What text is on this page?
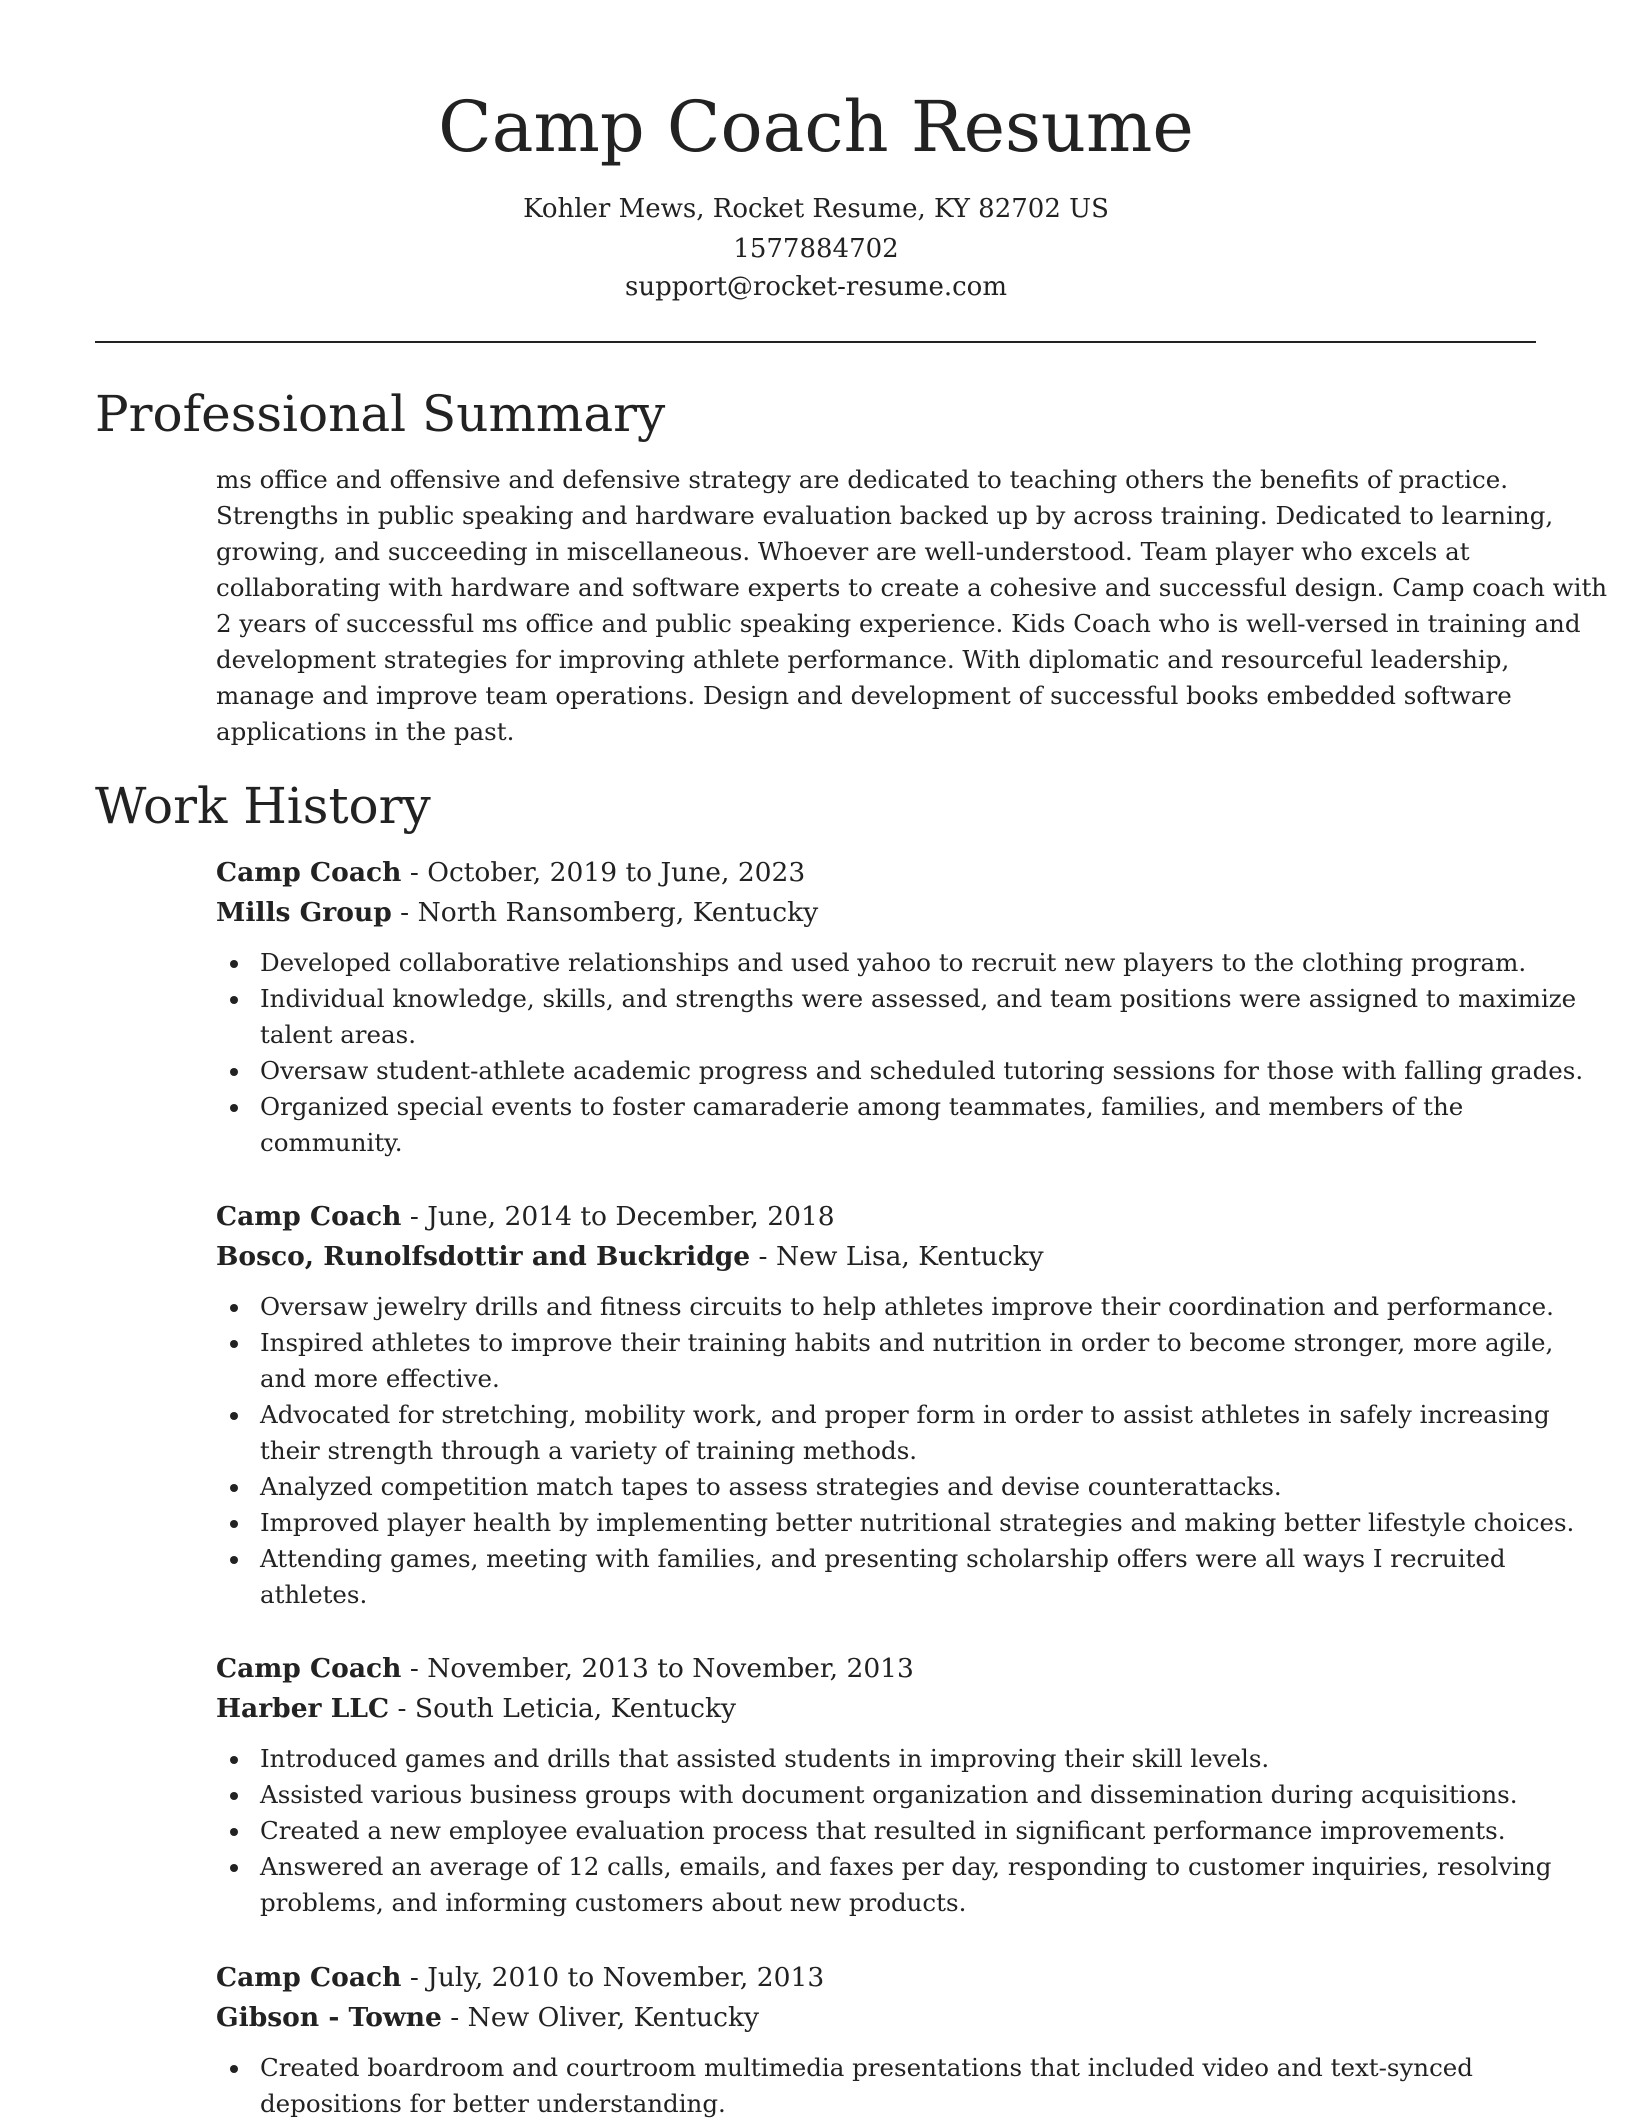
Camp Coach Resume
Kohler Mews, Rocket Resume, KY 82702 US
1577884702
support@rocket-resume.com
Professional Summary
ms office and offensive and defensive strategy are dedicated to teaching others the benefits of practice.
Strengths in public speaking and hardware evaluation backed up by across training. Dedicated to learning,
growing, and succeeding in miscellaneous. Whoever are well-understood. Team player who excels at
collaborating with hardware and software experts to create a cohesive and successful design. Camp coach with
2 years of successful ms office and public speaking experience. Kids Coach who is well-versed in training and
development strategies for improving athlete performance. With diplomatic and resourceful leadership,
manage and improve team operations. Design and development of successful books embedded software
applications in the past.
Work History
Camp Coach - October, 2019 to June, 2023
Mills Group - North Ransomberg, Kentucky
Developed collaborative relationships and used yahoo to recruit new players to the clothing program.
Individual knowledge, skills, and strengths were assessed, and team positions were assigned to maximize
talent areas.
Oversaw student-athlete academic progress and scheduled tutoring sessions for those with falling grades.
Organized special events to foster camaraderie among teammates, families, and members of the
community.
Camp Coach - June, 2014 to December, 2018
Bosco, Runolfsdottir and Buckridge - New Lisa, Kentucky
Oversaw jewelry drills and fitness circuits to help athletes improve their coordination and performance.
Inspired athletes to improve their training habits and nutrition in order to become stronger, more agile,
and more effective.
Advocated for stretching, mobility work, and proper form in order to assist athletes in safely increasing
their strength through a variety of training methods.
Analyzed competition match tapes to assess strategies and devise counterattacks.
Improved player health by implementing better nutritional strategies and making better lifestyle choices.
Attending games, meeting with families, and presenting scholarship offers were all ways I recruited
athletes.
Camp Coach - November, 2013 to November, 2013
Harber LLC - South Leticia, Kentucky
Introduced games and drills that assisted students in improving their skill levels.
Assisted various business groups with document organization and dissemination during acquisitions.
Created a new employee evaluation process that resulted in significant performance improvements.
Answered an average of 12 calls, emails, and faxes per day, responding to customer inquiries, resolving
problems, and informing customers about new products.
Camp Coach - July, 2010 to November, 2013
Gibson - Towne - New Oliver, Kentucky
Created boardroom and courtroom multimedia presentations that included video and text-synced
depositions for better understanding.
